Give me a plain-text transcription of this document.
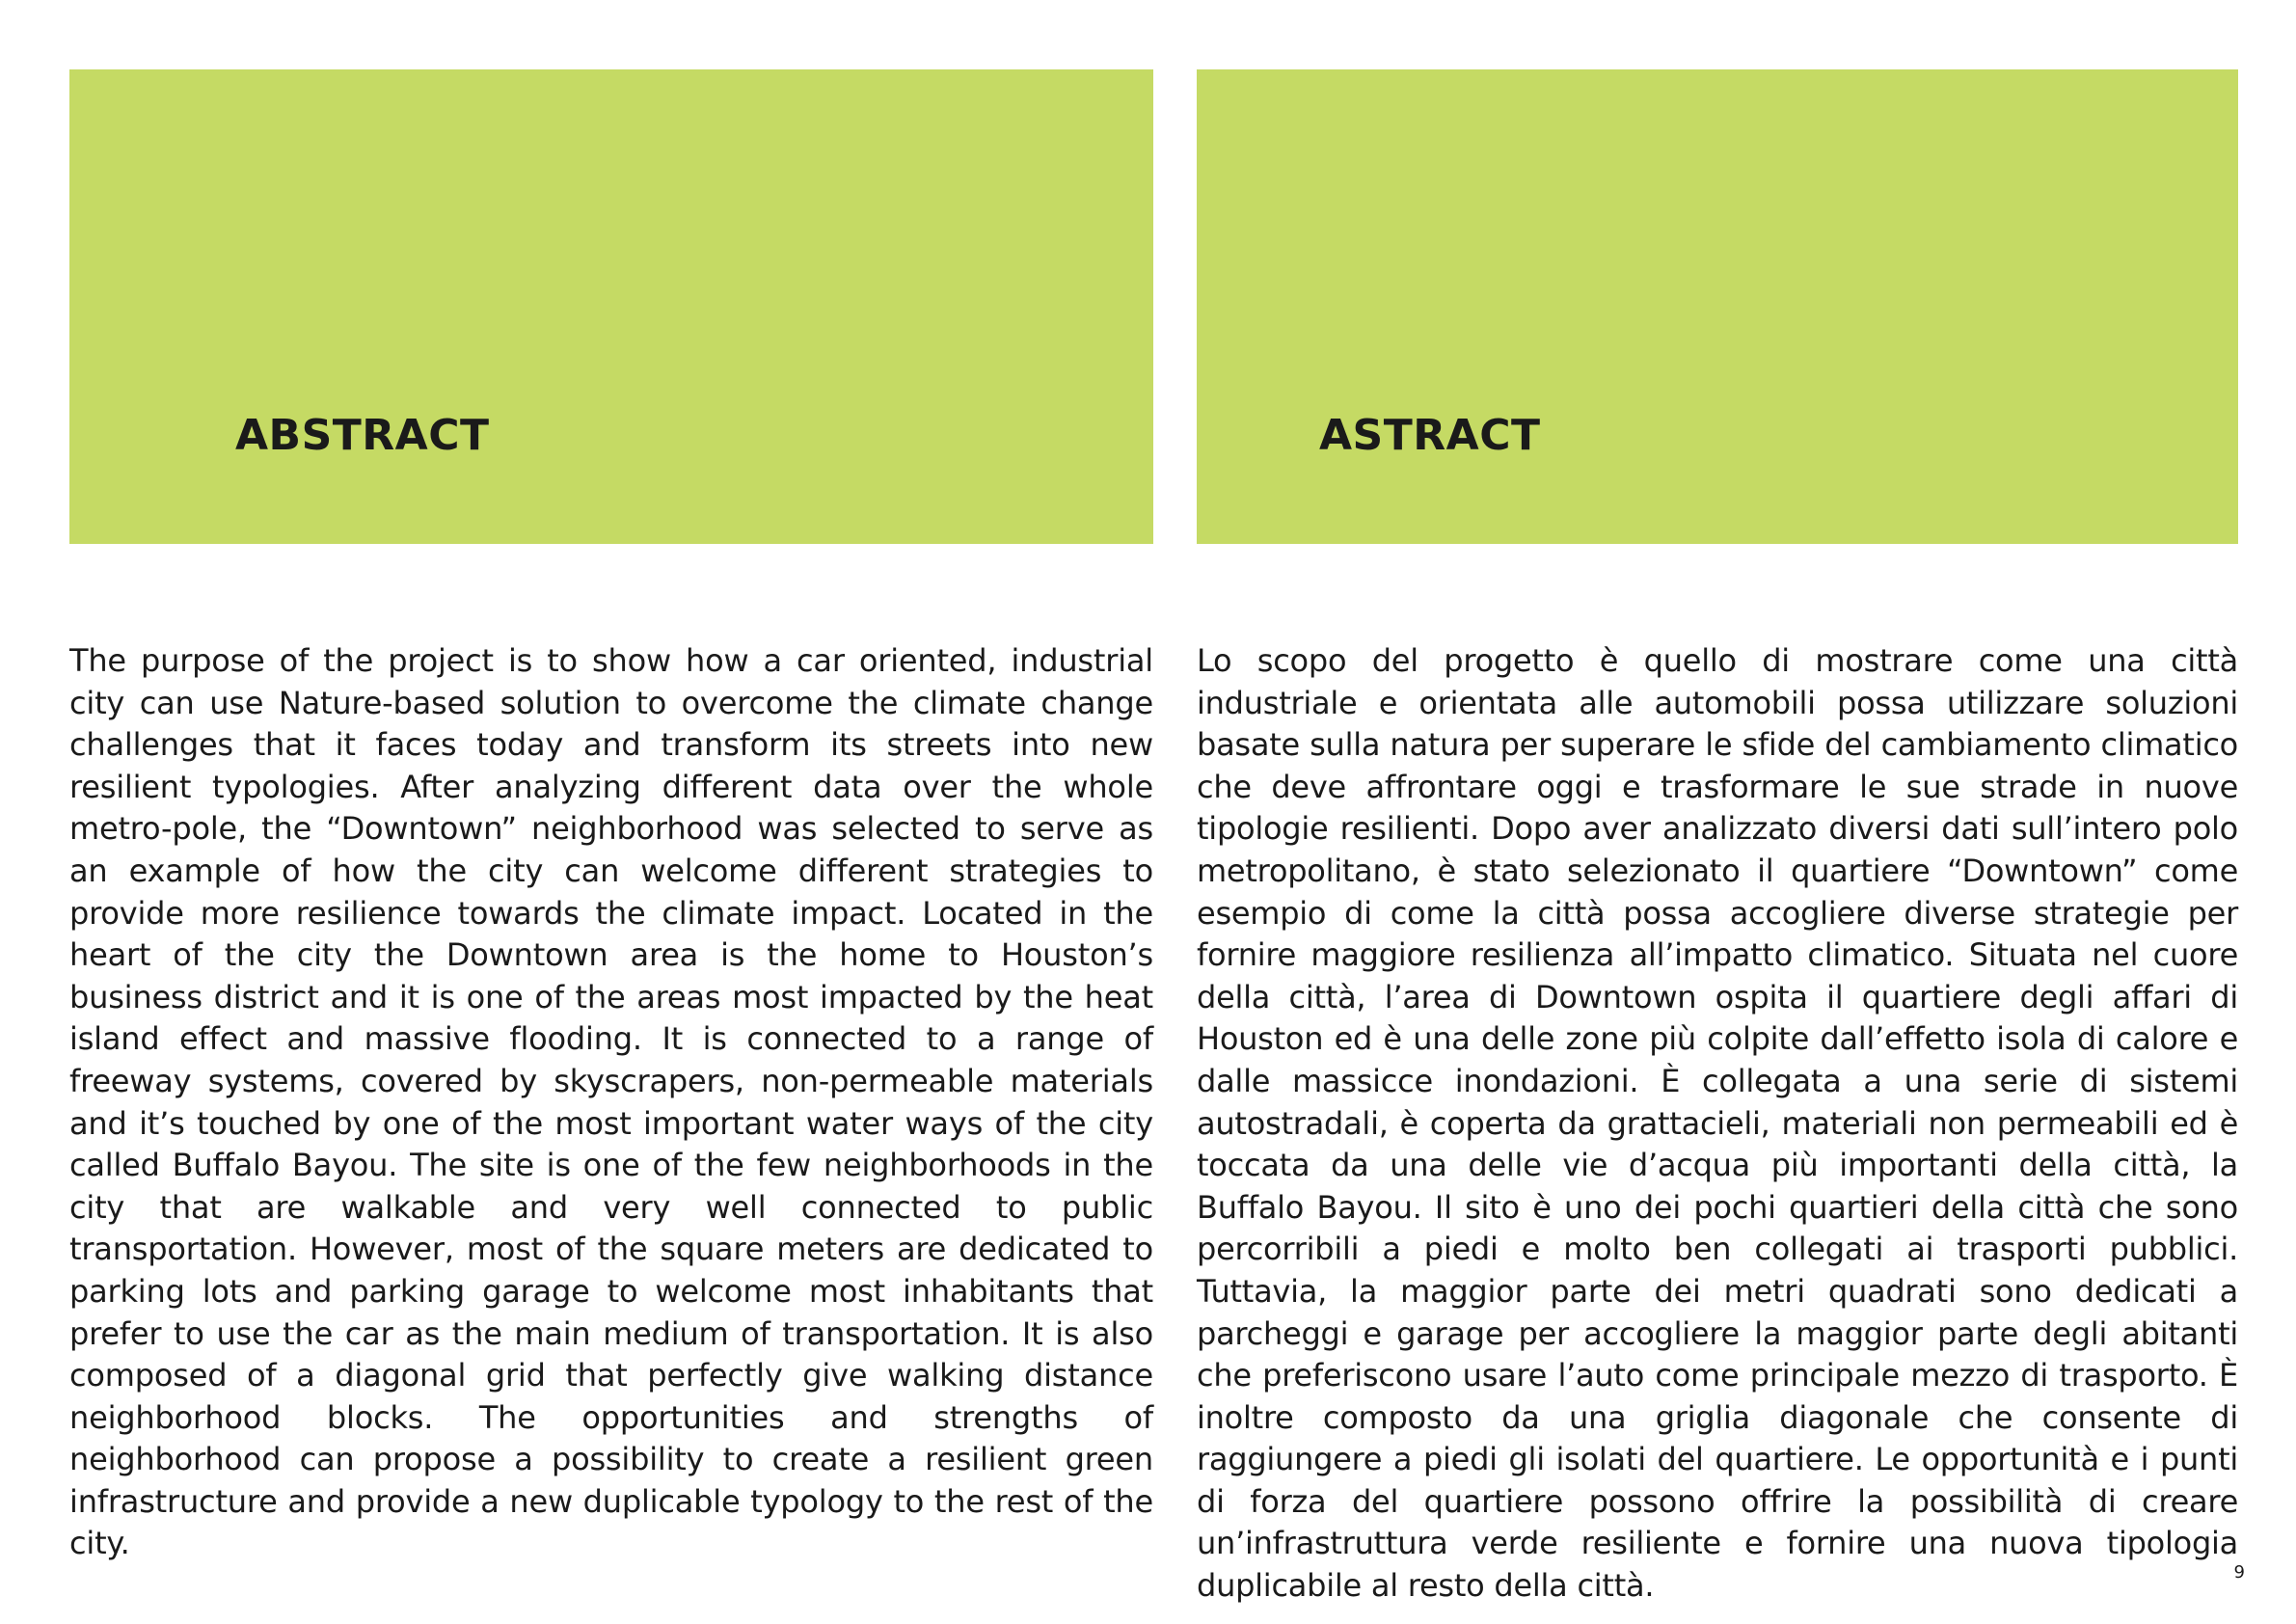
ABSTRACT	ASTRACT

The purpose of the project is to show how a car oriented, industrial city can use Nature-based solution to overcome the climate change challenges that it faces today and transform its streets into new resilient typologies. After analyzing different data over the whole metro-pole, the “Downtown” neighborhood was selected to serve as an example of how the city can welcome different strategies to provide more resilience towards the climate impact. Located in the heart of the city the Downtown area is the home to Houston’s business district and it is one of the areas most impacted by the heat island effect and massive flooding. It is connected to a range of freeway systems, covered by skyscrapers, non-permeable materials and it’s touched by one of the most important water ways of the city called Buffalo Bayou. The site is one of the few neighborhoods in the city that are walkable and very well connected to public transportation. However, most of the square meters are dedicated to parking lots and parking garage to welcome most inhabitants that prefer to use the car as the main medium of transportation. It is also composed of a diagonal grid that perfectly give walking distance neighborhood blocks. The opportunities and strengths of neighborhood can propose a possibility to create a resilient green infrastructure and provide a new duplicable typology to the rest of the city.

Lo scopo del progetto è quello di mostrare come una città industriale e orientata alle automobili possa utilizzare soluzioni basate sulla natura per superare le sfide del cambiamento climatico che deve affrontare oggi e trasformare le sue strade in nuove tipologie resilienti. Dopo aver analizzato diversi dati sull’intero polo metropolitano, è stato selezionato il quartiere “Downtown” come esempio di come la città possa accogliere diverse strategie per fornire maggiore resilienza all’impatto climatico. Situata nel cuore della città, l’area di Downtown ospita il quartiere degli affari di Houston ed è una delle zone più colpite dall’effetto isola di calore e dalle massicce inondazioni. È collegata a una serie di sistemi autostradali, è coperta da grattacieli, materiali non permeabili ed è toccata da una delle vie d’acqua più importanti della città, la Buffalo Bayou. Il sito è uno dei pochi quartieri della città che sono percorribili a piedi e molto ben collegati ai trasporti pubblici. Tuttavia, la maggior parte dei metri quadrati sono dedicati a parcheggi e garage per accogliere la maggior parte degli abitanti che preferiscono usare l’auto come principale mezzo di trasporto. È inoltre composto da una griglia diagonale che consente di raggiungere a piedi gli isolati del quartiere. Le opportunità e i punti di forza del quartiere possono offrire la possibilità di creare un’infrastruttura verde resiliente e fornire una nuova tipologia duplicabile al resto della città.	9
